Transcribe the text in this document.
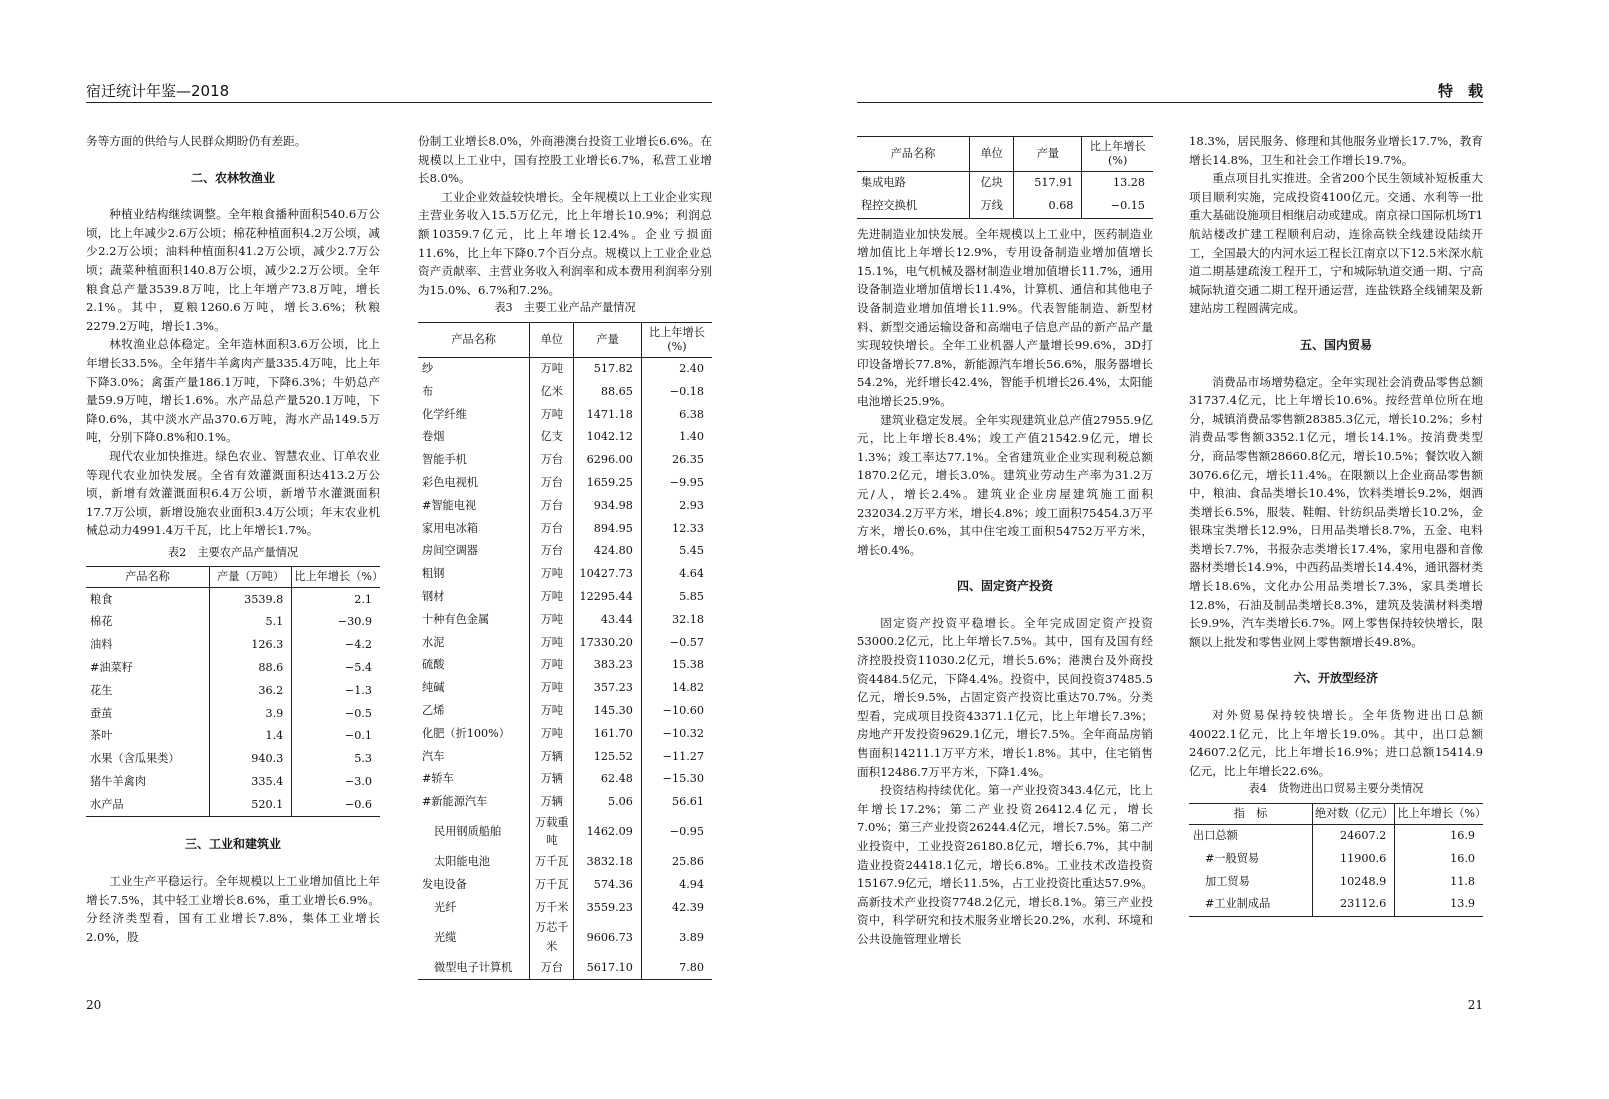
宿迁统计年鉴—2018

务等方面的供给与人民群众期盼仍有差距。

二、农林牧渔业

种植业结构继续调整。全年粮食播种面积540.6万公顷，比上年减少2.6万公顷；棉花种植面积4.2万公顷，减少2.2万公顷；油料种植面积41.2万公顷，减少2.7万公顷；蔬菜种植面积140.8万公顷，减少2.2万公顷。全年粮食总产量3539.8万吨，比上年增产73.8万吨，增长2.1%。其中，夏粮1260.6万吨，增长3.6%；秋粮2279.2万吨，增长1.3%。

林牧渔业总体稳定。全年造林面积3.6万公顷，比上年增长33.5%。全年猪牛羊禽肉产量335.4万吨，比上年下降3.0%；禽蛋产量186.1万吨，下降6.3%；牛奶总产量59.9万吨，增长1.6%。水产品总产量520.1万吨，下降0.6%，其中淡水产品370.6万吨，海水产品149.5万吨，分别下降0.8%和0.1%。

现代农业加快推进。绿色农业、智慧农业、订单农业等现代农业加快发展。全省有效灌溉面积达413.2万公顷，新增有效灌溉面积6.4万公顷，新增节水灌溉面积17.7万公顷，新增设施农业面积3.4万公顷；年末农业机械总动力4991.4万千瓦，比上年增长1.7%。

表2　主要农产品产量情况
产品名称	产量（万吨）	比上年增长（%）
粮食	3539.8	2.1
棉花	5.1	−30.9
油料	126.3	−4.2
#油菜籽	88.6	−5.4
花生	36.2	−1.3
蚕茧	3.9	−0.5
茶叶	1.4	−0.1
水果（含瓜果类）	940.3	5.3
猪牛羊禽肉	335.4	−3.0
水产品	520.1	−0.6
三、工业和建筑业

工业生产平稳运行。全年规模以上工业增加值比上年增长7.5%，其中轻工业增长8.6%，重工业增长6.9%。分经济类型看，国有工业增长7.8%，集体工业增长2.0%，股

份制工业增长8.0%，外商港澳台投资工业增长6.6%。在规模以上工业中，国有控股工业增长6.7%，私营工业增长8.0%。

工业企业效益较快增长。全年规模以上工业企业实现主营业务收入15.5万亿元，比上年增长10.9%；利润总额10359.7亿元，比上年增长12.4%。企业亏损面11.6%，比上年下降0.7个百分点。规模以上工业企业总资产贡献率、主营业务收入利润率和成本费用利润率分别为15.0%、6.7%和7.2%。

表3　主要工业产品产量情况
产品名称	单位	产量	比上年增长(%)
纱	万吨	517.82	2.40
布	亿米	88.65	−0.18
化学纤维	万吨	1471.18	6.38
卷烟	亿支	1042.12	1.40
智能手机	万台	6296.00	26.35
彩色电视机	万台	1659.25	−9.95
#智能电视	万台	934.98	2.93
家用电冰箱	万台	894.95	12.33
房间空调器	万台	424.80	5.45
粗钢	万吨	10427.73	4.64
钢材	万吨	12295.44	5.85
十种有色金属	万吨	43.44	32.18
水泥	万吨	17330.20	−0.57
硫酸	万吨	383.23	15.38
纯碱	万吨	357.23	14.82
乙烯	万吨	145.30	−10.60
化肥（折100%）	万吨	161.70	−10.32
汽车	万辆	125.52	−11.27
#轿车	万辆	62.48	−15.30
#新能源汽车	万辆	5.06	56.61
民用钢质船舶	万载重吨	1462.09	−0.95
太阳能电池	万千瓦	3832.18	25.86
发电设备	万千瓦	574.36	4.94
光纤	万千米	3559.23	42.39
光缆	万芯千米	9606.73	3.89
微型电子计算机	万台	5617.10	7.80
20
特　载
产品名称	单位	产量	比上年增长(%)
集成电路	亿块	517.91	13.28
程控交换机	万线	0.68	−0.15

先进制造业加快发展。全年规模以上工业中，医药制造业增加值比上年增长12.9%，专用设备制造业增加值增长15.1%，电气机械及器材制造业增加值增长11.7%，通用设备制造业增加值增长11.4%，计算机、通信和其他电子设备制造业增加值增长11.9%。代表智能制造、新型材料、新型交通运输设备和高端电子信息产品的新产品产量实现较快增长。全年工业机器人产量增长99.6%，3D打印设备增长77.8%，新能源汽车增长56.6%，服务器增长54.2%，光纤增长42.4%，智能手机增长26.4%，太阳能电池增长25.9%。

建筑业稳定发展。全年实现建筑业总产值27955.9亿元，比上年增长8.4%；竣工产值21542.9亿元，增长1.3%；竣工率达77.1%。全省建筑业企业实现利税总额1870.2亿元，增长3.0%。建筑业劳动生产率为31.2万元/人，增长2.4%。建筑业企业房屋建筑施工面积232034.2万平方米，增长4.8%；竣工面积75454.3万平方米，增长0.6%，其中住宅竣工面积54752万平方米，增长0.4%。

四、固定资产投资

固定资产投资平稳增长。全年完成固定资产投资53000.2亿元，比上年增长7.5%。其中，国有及国有经济控股投资11030.2亿元，增长5.6%；港澳台及外商投资4484.5亿元，下降4.4%。投资中，民间投资37485.5亿元，增长9.5%，占固定资产投资比重达70.7%。分类型看，完成项目投资43371.1亿元，比上年增长7.3%；房地产开发投资9629.1亿元，增长7.5%。全年商品房销售面积14211.1万平方米，增长1.8%。其中，住宅销售面积12486.7万平方米，下降1.4%。

投资结构持续优化。第一产业投资343.4亿元，比上年增长17.2%；第二产业投资26412.4亿元，增长7.0%；第三产业投资26244.4亿元，增长7.5%。第二产业投资中，工业投资26180.8亿元，增长6.7%，其中制造业投资24418.1亿元，增长6.8%。工业技术改造投资15167.9亿元，增长11.5%，占工业投资比重达57.9%。高新技术产业投资7748.2亿元，增长8.1%。第三产业投资中，科学研究和技术服务业增长20.2%，水利、环境和公共设施管理业增长

18.3%，居民服务、修理和其他服务业增长17.7%，教育增长14.8%，卫生和社会工作增长19.7%。

重点项目扎实推进。全省200个民生领域补短板重大项目顺利实施，完成投资4100亿元。交通、水利等一批重大基础设施项目相继启动或建成。南京禄口国际机场T1航站楼改扩建工程顺利启动，连徐高铁全线建设陆续开工，全国最大的内河水运工程长江南京以下12.5米深水航道二期基建疏浚工程开工，宁和城际轨道交通一期、宁高城际轨道交通二期工程开通运营，连盐铁路全线铺架及新建站房工程圆满完成。

五、国内贸易

消费品市场增势稳定。全年实现社会消费品零售总额31737.4亿元，比上年增长10.6%。按经营单位所在地分，城镇消费品零售额28385.3亿元，增长10.2%；乡村消费品零售额3352.1亿元，增长14.1%。按消费类型分，商品零售额28660.8亿元，增长10.5%；餐饮收入额3076.6亿元，增长11.4%。在限额以上企业商品零售额中，粮油、食品类增长10.4%，饮料类增长9.2%，烟酒类增长6.5%，服装、鞋帽、针纺织品类增长10.2%，金银珠宝类增长12.9%，日用品类增长8.7%，五金、电料类增长7.7%，书报杂志类增长17.4%，家用电器和音像器材类增长14.9%，中西药品类增长14.4%，通讯器材类增长18.6%，文化办公用品类增长7.3%，家具类增长12.8%，石油及制品类增长8.3%，建筑及装潢材料类增长9.9%，汽车类增长6.7%。网上零售保持较快增长，限额以上批发和零售业网上零售额增长49.8%。

六、开放型经济

对外贸易保持较快增长。全年货物进出口总额40022.1亿元，比上年增长19.0%。其中，出口总额24607.2亿元，比上年增长16.9%；进口总额15414.9亿元，比上年增长22.6%。

表4　货物进出口贸易主要分类情况
指　标	绝对数（亿元）	比上年增长（%）
出口总额	24607.2	16.9
#一般贸易	11900.6	16.0
加工贸易	10248.9	11.8
#工业制成品	23112.6	13.9
21
